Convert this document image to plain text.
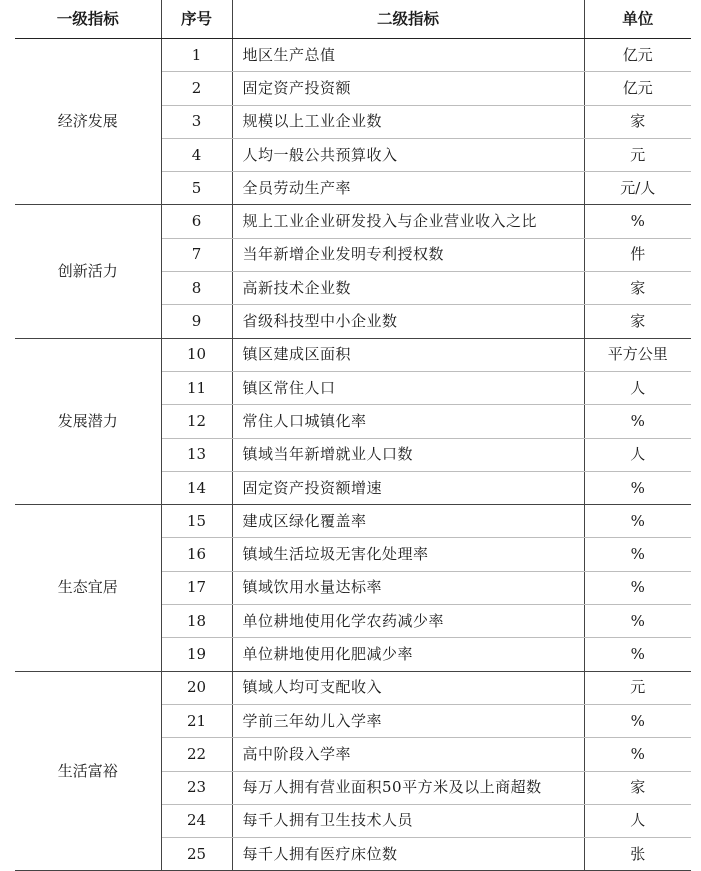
一级指标	序号	二级指标	单位
经济发展	1	地区生产总值	亿元
	2	固定资产投资额	亿元
	3	规模以上工业企业数	家
	4	人均一般公共预算收入	元
	5	全员劳动生产率	元/人
创新活力	6	规上工业企业研发投入与企业营业收入之比	%
	7	当年新增企业发明专利授权数	件
	8	高新技术企业数	家
	9	省级科技型中小企业数	家
发展潜力	10	镇区建成区面积	平方公里
	11	镇区常住人口	人
	12	常住人口城镇化率	%
	13	镇域当年新增就业人口数	人
	14	固定资产投资额增速	%
生态宜居	15	建成区绿化覆盖率	%
	16	镇域生活垃圾无害化处理率	%
	17	镇域饮用水量达标率	%
	18	单位耕地使用化学农药减少率	%
	19	单位耕地使用化肥减少率	%
生活富裕	20	镇域人均可支配收入	元
	21	学前三年幼儿入学率	%
	22	高中阶段入学率	%
	23	每万人拥有营业面积50平方米及以上商超数	家
	24	每千人拥有卫生技术人员	人
	25	每千人拥有医疗床位数	张
